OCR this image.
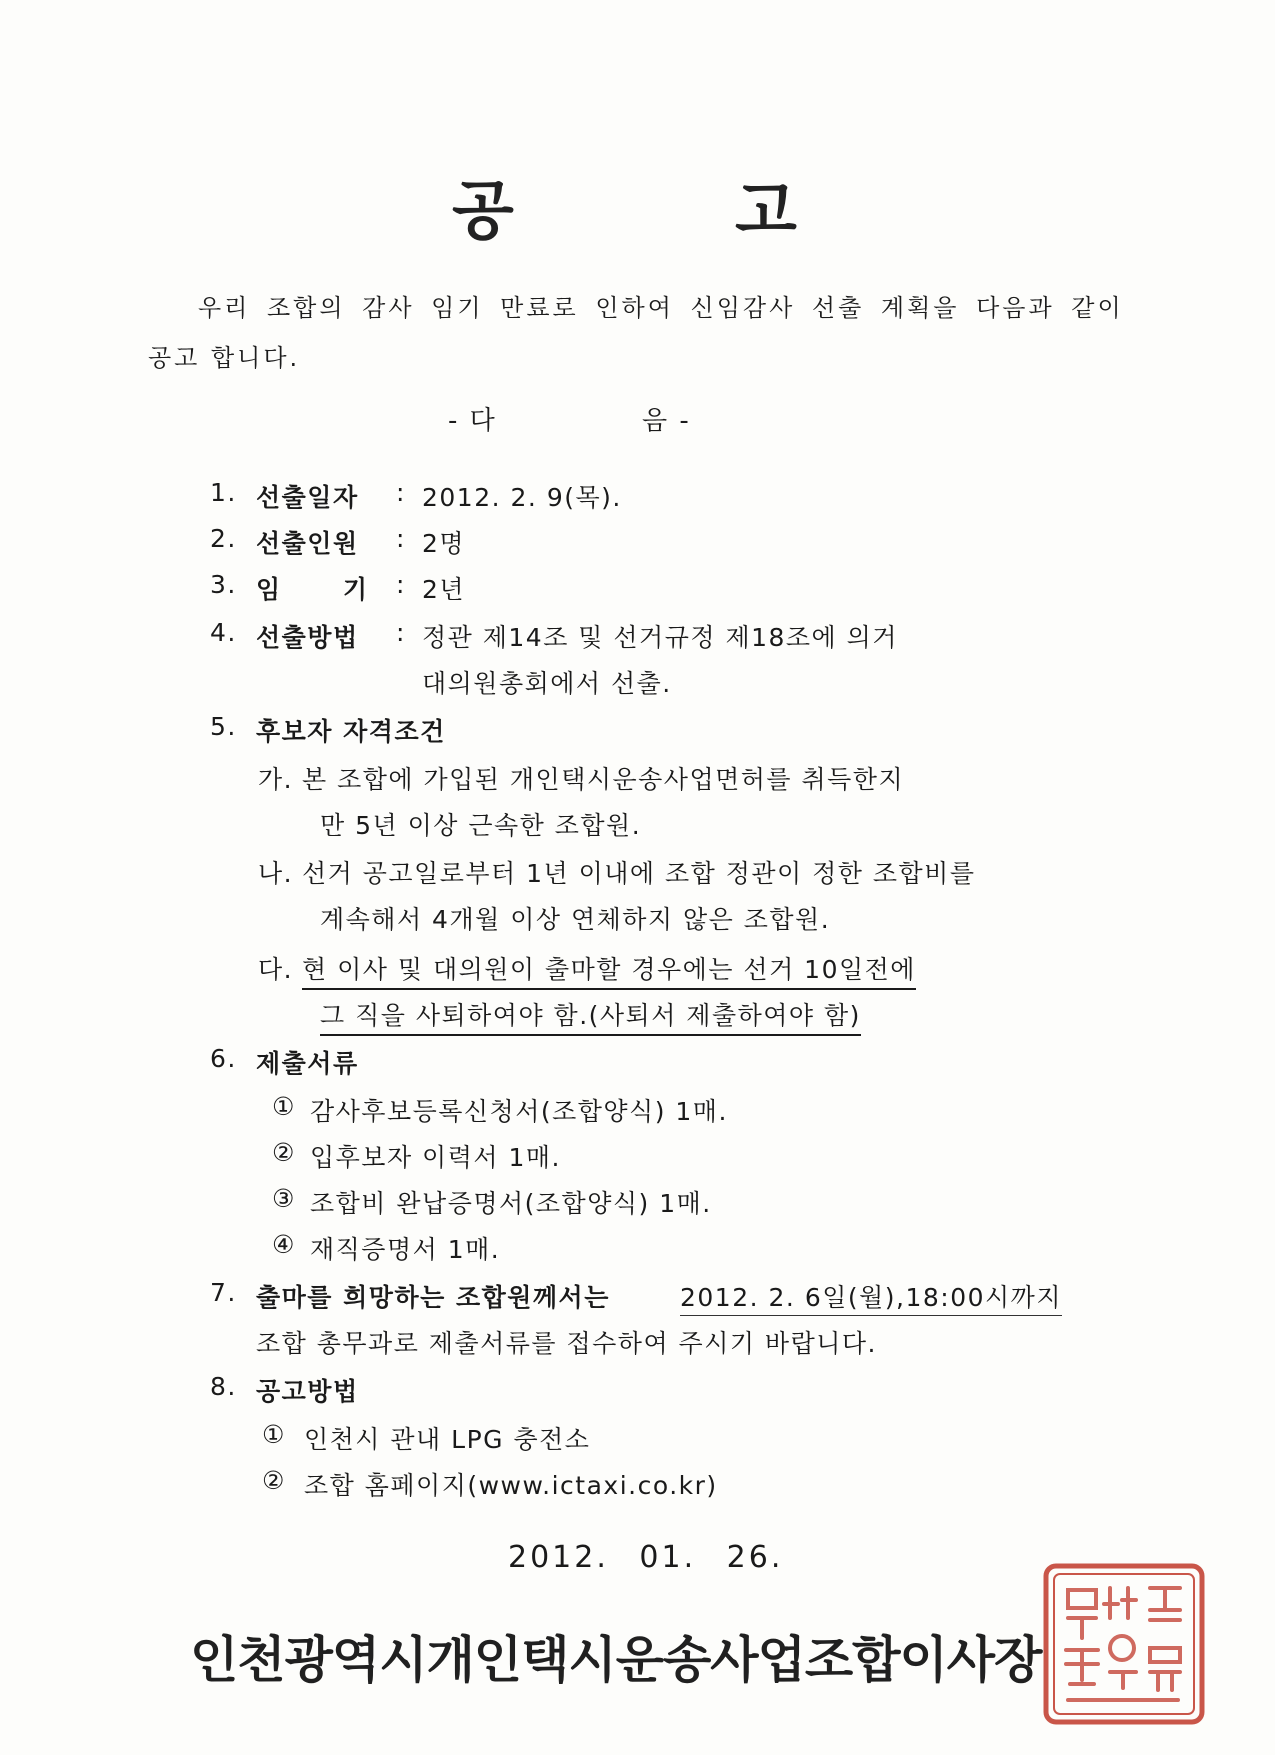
공	고
우리 조합의 감사 임기 만료로 인하여 신임감사 선출 계획을 다음과 같이
공고 합니다.
- 다	음 -
1. 선출일자 : 2012. 2. 9(목).
2. 선출인원 : 2명
3. 임      기 : 2년
4. 선출방법 : 정관 제14조 및 선거규정 제18조에 의거
대의원총회에서 선출.
5. 후보자 자격조건
가. 본 조합에 가입된 개인택시운송사업면허를 취득한지
만 5년 이상 근속한 조합원.
나. 선거 공고일로부터 1년 이내에 조합 정관이 정한 조합비를
계속해서 4개월 이상 연체하지 않은 조합원.
다. 현 이사 및 대의원이 출마할 경우에는 선거 10일전에
그 직을 사퇴하여야 함.(사퇴서 제출하여야 함)
6. 제출서류
① 감사후보등록신청서(조합양식) 1매.
② 입후보자 이력서 1매.
③ 조합비 완납증명서(조합양식) 1매.
④ 재직증명서 1매.
7. 출마를 희망하는 조합원께서는	2012. 2. 6일(월),18:00시까지
조합 총무과로 제출서류를 접수하여 주시기 바랍니다.
8. 공고방법
① 인천시 관내 LPG 충전소
② 조합 홈페이지(www.ictaxi.co.kr)
2012. 01. 26.
인천광역시개인택시운송사업조합이사장
